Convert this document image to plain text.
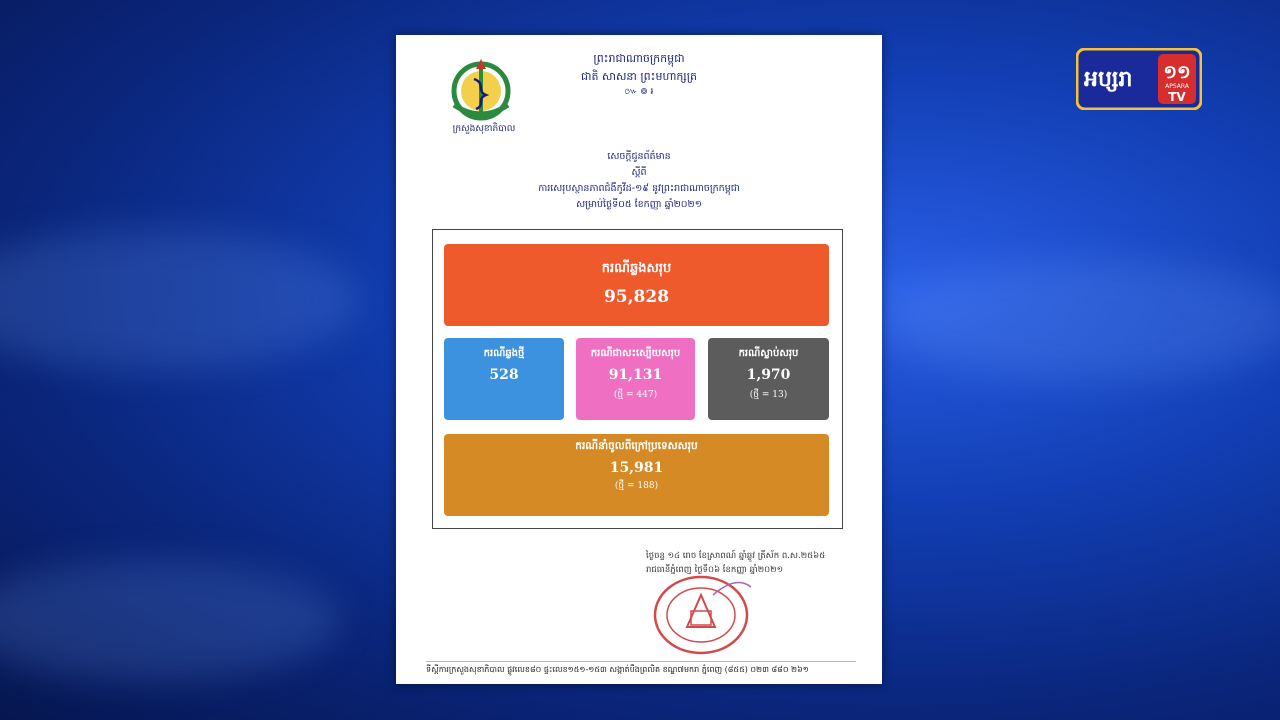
ក្រសួងសុខាភិបាល
ព្រះរាជាណាចក្រកម្ពុជា
ជាតិ សាសនា ព្រះមហាក្សត្រ
៚ ៙ ៛
សេចក្តីជូនព័ត៌មាន
ស្តីពី
ការសេរុបស្ថានភាពជំងឺកូវីដ-១៩ នូវព្រះរាជាណាចក្រកម្ពុជា
សម្រាប់ថ្ងៃទី០៥ ខែកញ្ញា ឆ្នាំ២០២១
ករណីឆ្លងសរុប
95,828
ករណីឆ្លងថ្មី
528
ករណីជាសះស្បើយសរុប
91,131
(ថ្មី = 447)
ករណីស្លាប់សរុប
1,970
(ថ្មី = 13)
ករណីនាំចូលពីក្រៅប្រទេសសរុប
15,981
(ថ្មី = 188)
ថ្ងៃចន្ទ ១៤ រោច ខែស្រាពណ៍ ឆ្នាំឆ្លូវ ត្រីស័ក ព.ស.២៥៦៥
រាជធានីភ្នំពេញ ថ្ងៃទី០៦ ខែកញ្ញា ឆ្នាំ២០២១
ទីស្តីការក្រសួងសុខាភិបាល ផ្លូវលេខ៨០ ផ្ទះលេខ១៥១-១៥៣ សង្កាត់បឹងព្រលិត ខណ្ឌ៧មករា ភ្នំពេញ (៨៥៥) ០២៣ ៨៨០ ២៦១
អប្សរា ១១
APSARA
TV
